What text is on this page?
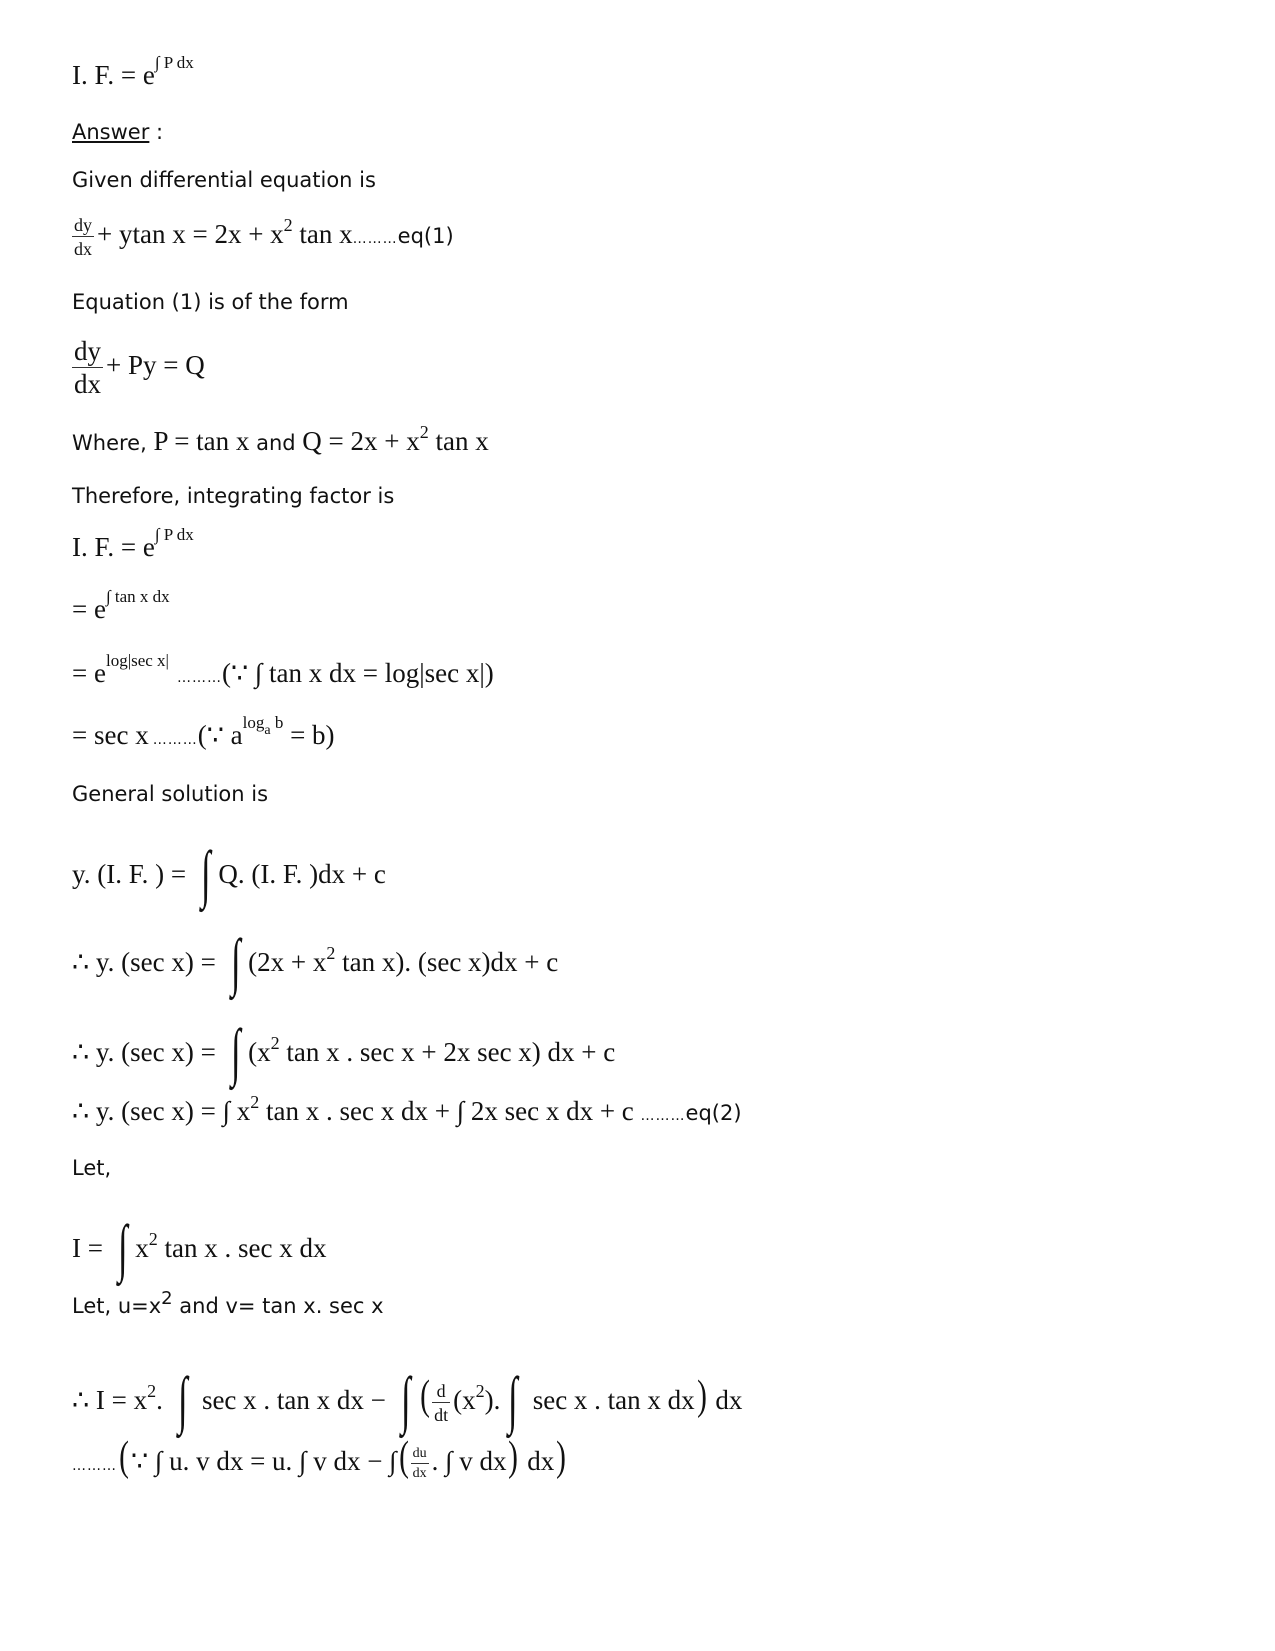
I. F. = $e^{\int P dx}$
Answer :
Given differential equation is
$\frac{dy}{dx} + ytan$ $x = 2x + x^2$ tan x………eq(1)
Equation (1) is of the form
$\frac{dy}{dx} + Py = Q$
Where, P = tan x and Q = 2x + x2 tan x
Therefore, integrating factor is
I. F. = $e^{\int P dx}$
= $e^{\int tan x dx}$
= $e^{log|sec x|}\dots\dots\dots(\because$ ∫ tan x dx = log|sec x|)
= sec x ………(∵ $a^{loga}$ $^b$ = b)
General solution is
y. (I. F. ) = ∫ Q. (I. F. )dx + c
∴ y. (sec x) = ∫ ($2x + x^2$ tan x). (sec x)dx + c
∴ y. (sec x) = ∫ ($x^2$ tan x . sec x + 2x sec x) dx + c
∴ y. (sec x) = ∫ $x^2$ tan x . sec x dx + ∫ 2x sec x dx + c ………eq(2)
Let,
I = ∫ $x^2$ tan x . sec x dx
Let, u=x2 and v= tan x. sec x
∴ $I = x^2$. ∫ sec x . tan x dx − ∫ ( $\frac{d}{dt} (x^2)$. ∫ sec x . tan x dx) dx
………(∵ ∫ u. v dx = u. ∫ v dx − ∫( $\frac{du}{dx}$ . ∫ v dx) dx)
